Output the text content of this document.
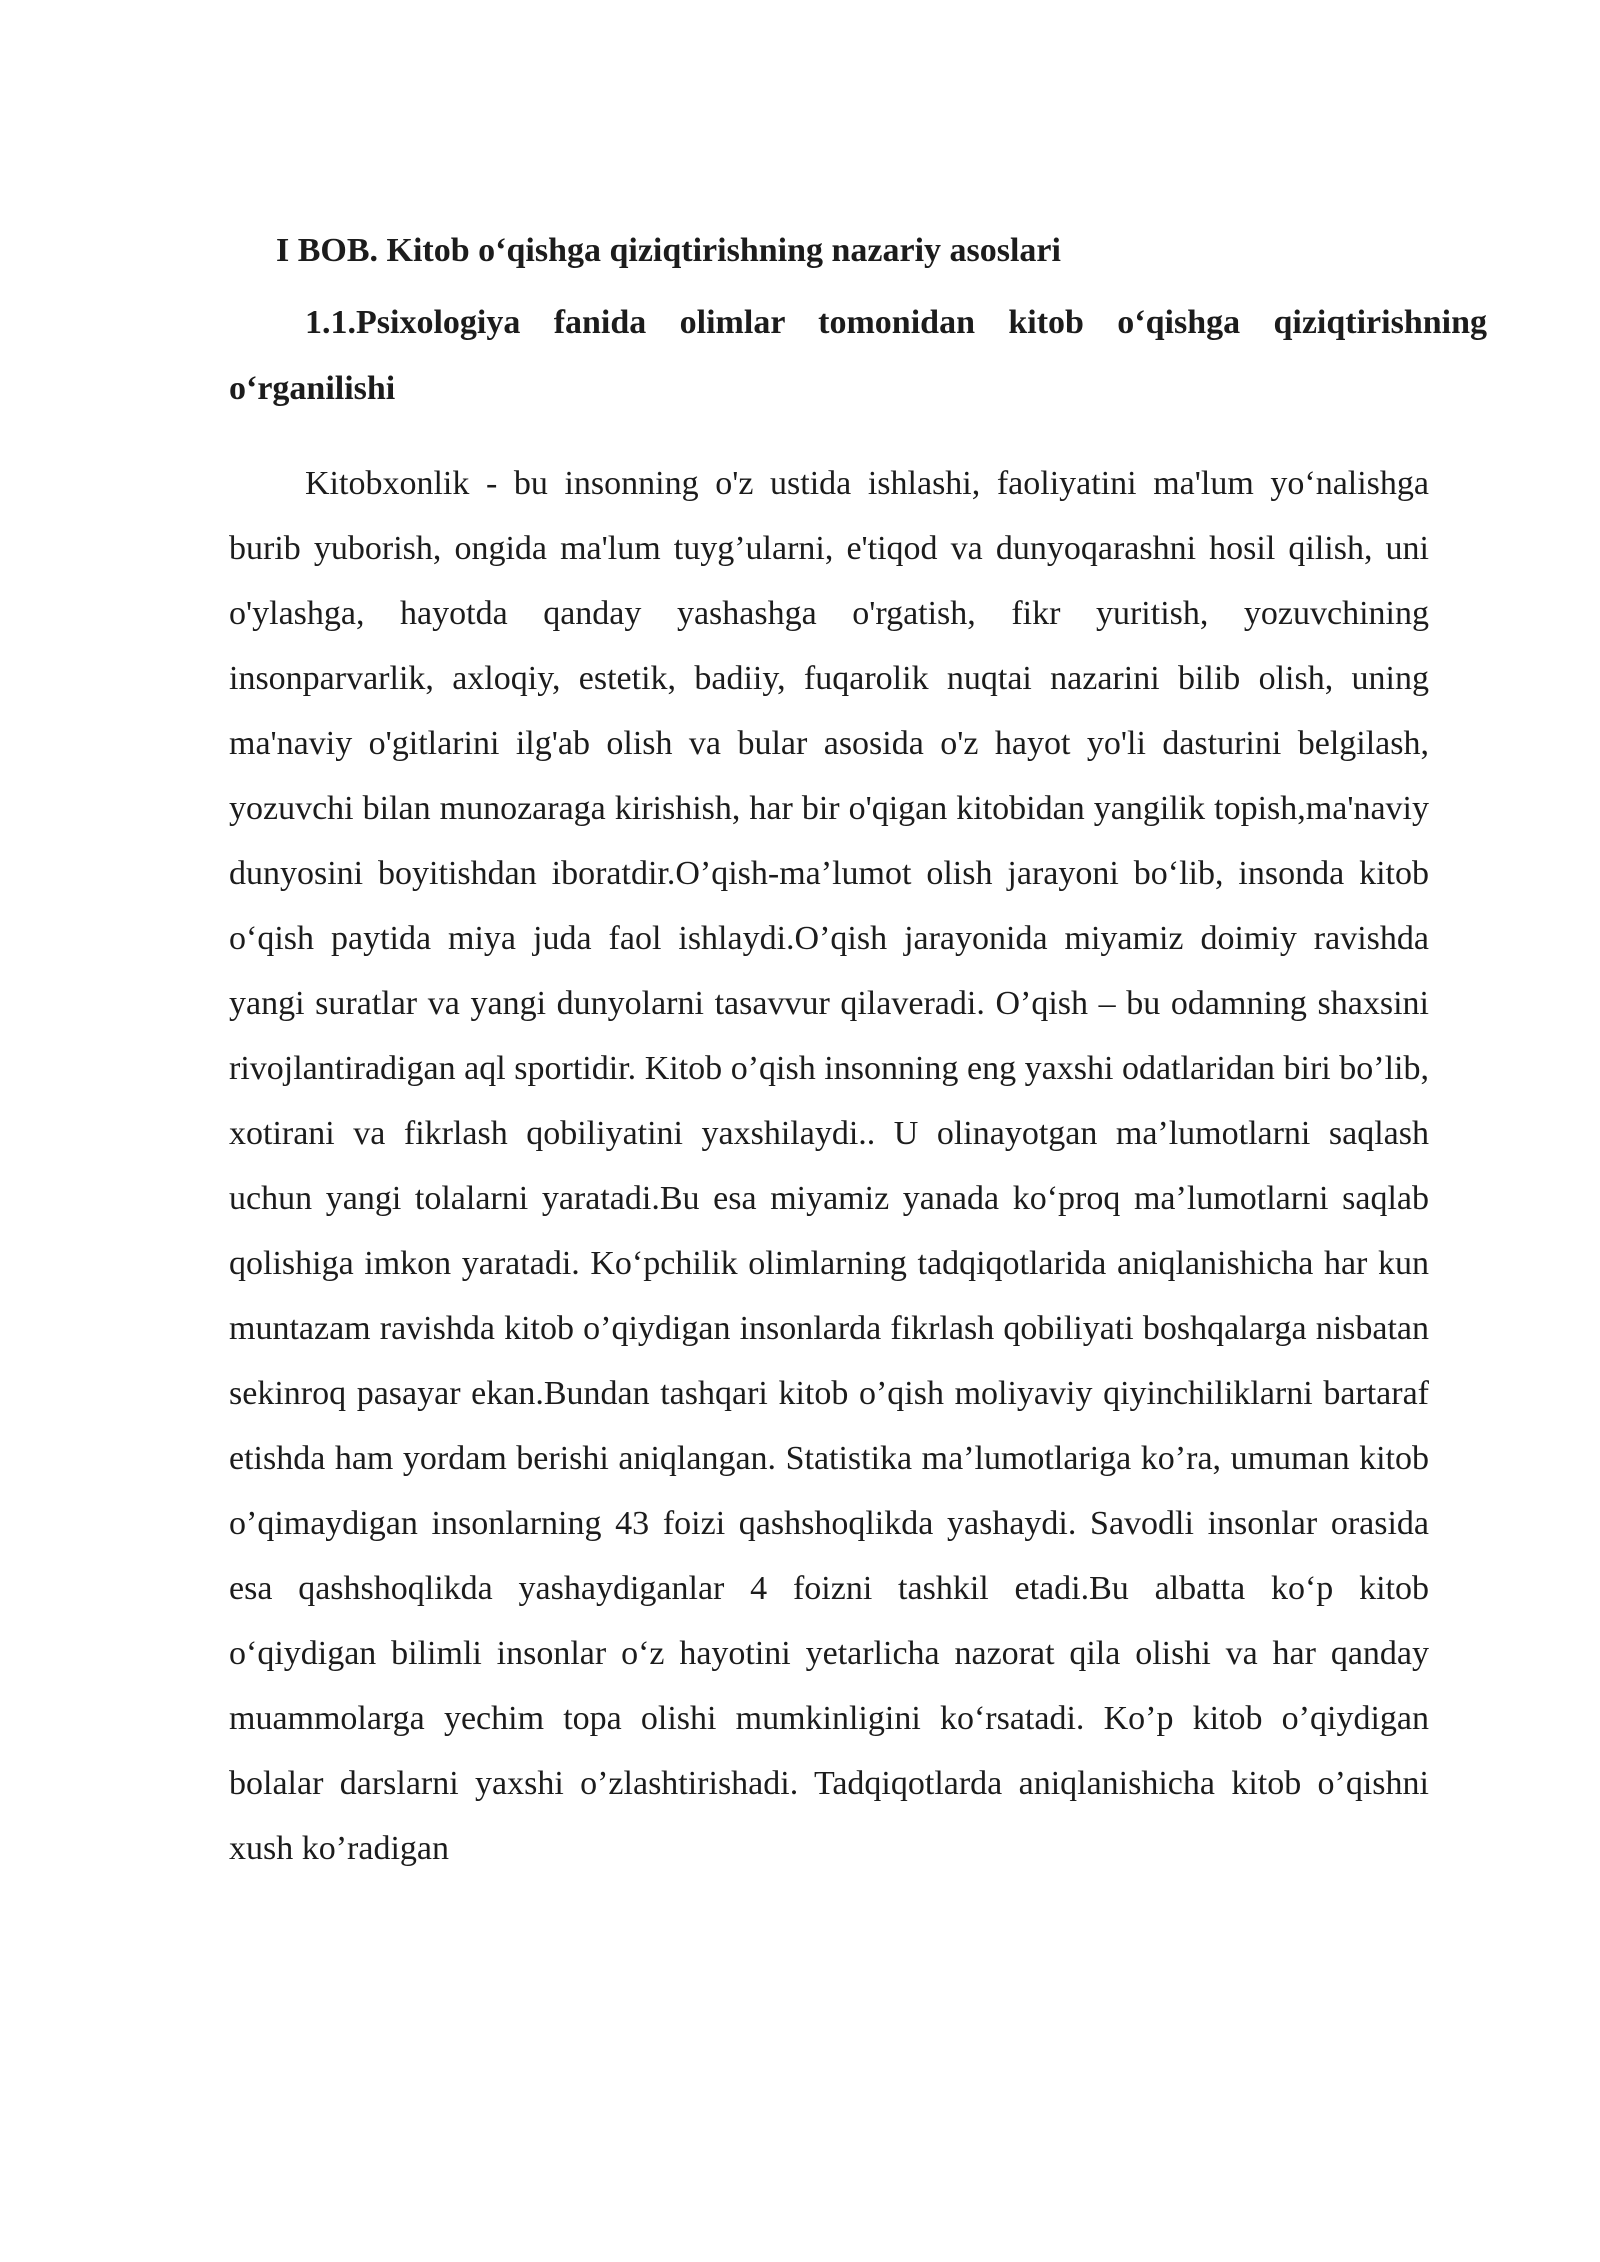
I BOB. Kitob o‘qishga qiziqtirishning nazariy asoslari
1.1.Psixologiya fanida olimlar tomonidan kitob o‘qishga qiziqtirishning o‘rganilishi

Kitobxonlik - bu insonning o'z ustida ishlashi, faoliyatini ma'lum yo‘nalishga burib yuborish, ongida ma'lum tuyg’ularni, e'tiqod va dunyoqarashni hosil qilish, uni o'ylashga, hayotda qanday yashashga o'rgatish, fikr yuritish, yozuvchining insonparvarlik, axloqiy, estetik, badiiy, fuqarolik nuqtai nazarini bilib olish, uning ma'naviy o'gitlarini ilg'ab olish va bular asosida o'z hayot yo'li dasturini belgilash, yozuvchi bilan munozaraga kirishish, har bir o'qigan kitobidan yangilik topish,ma'naviy dunyosini boyitishdan iboratdir.O’qish-ma’lumot olish jarayoni bo‘lib, insonda kitob o‘qish paytida miya juda faol ishlaydi.O’qish jarayonida miyamiz doimiy ravishda yangi suratlar va yangi dunyolarni tasavvur qilaveradi. O’qish – bu odamning shaxsini rivojlantiradigan aql sportidir. Kitob o’qish insonning eng yaxshi odatlaridan biri bo’lib, xotirani va fikrlash qobiliyatini yaxshilaydi.. U olinayotgan ma’lumotlarni saqlash uchun yangi tolalarni yaratadi.Bu esa miyamiz yanada ko‘proq ma’lumotlarni saqlab qolishiga imkon yaratadi. Ko‘pchilik olimlarning tadqiqotlarida aniqlanishicha har kun muntazam ravishda kitob o’qiydigan insonlarda fikrlash qobiliyati boshqalarga nisbatan sekinroq pasayar ekan.Bundan tashqari kitob o’qish moliyaviy qiyinchiliklarni bartaraf etishda ham yordam berishi aniqlangan. Statistika ma’lumotlariga ko’ra, umuman kitob o’qimaydigan insonlarning 43 foizi qashshoqlikda yashaydi. Savodli insonlar orasida esa qashshoqlikda yashaydiganlar 4 foizni tashkil etadi.Bu albatta ko‘p kitob o‘qiydigan bilimli insonlar o‘z hayotini yetarlicha nazorat qila olishi va har qanday muammolarga yechim topa olishi mumkinligini ko‘rsatadi. Ko’p kitob o’qiydigan bolalar darslarni yaxshi o’zlashtirishadi. Tadqiqotlarda aniqlanishicha kitob o’qishni xush ko’radigan
